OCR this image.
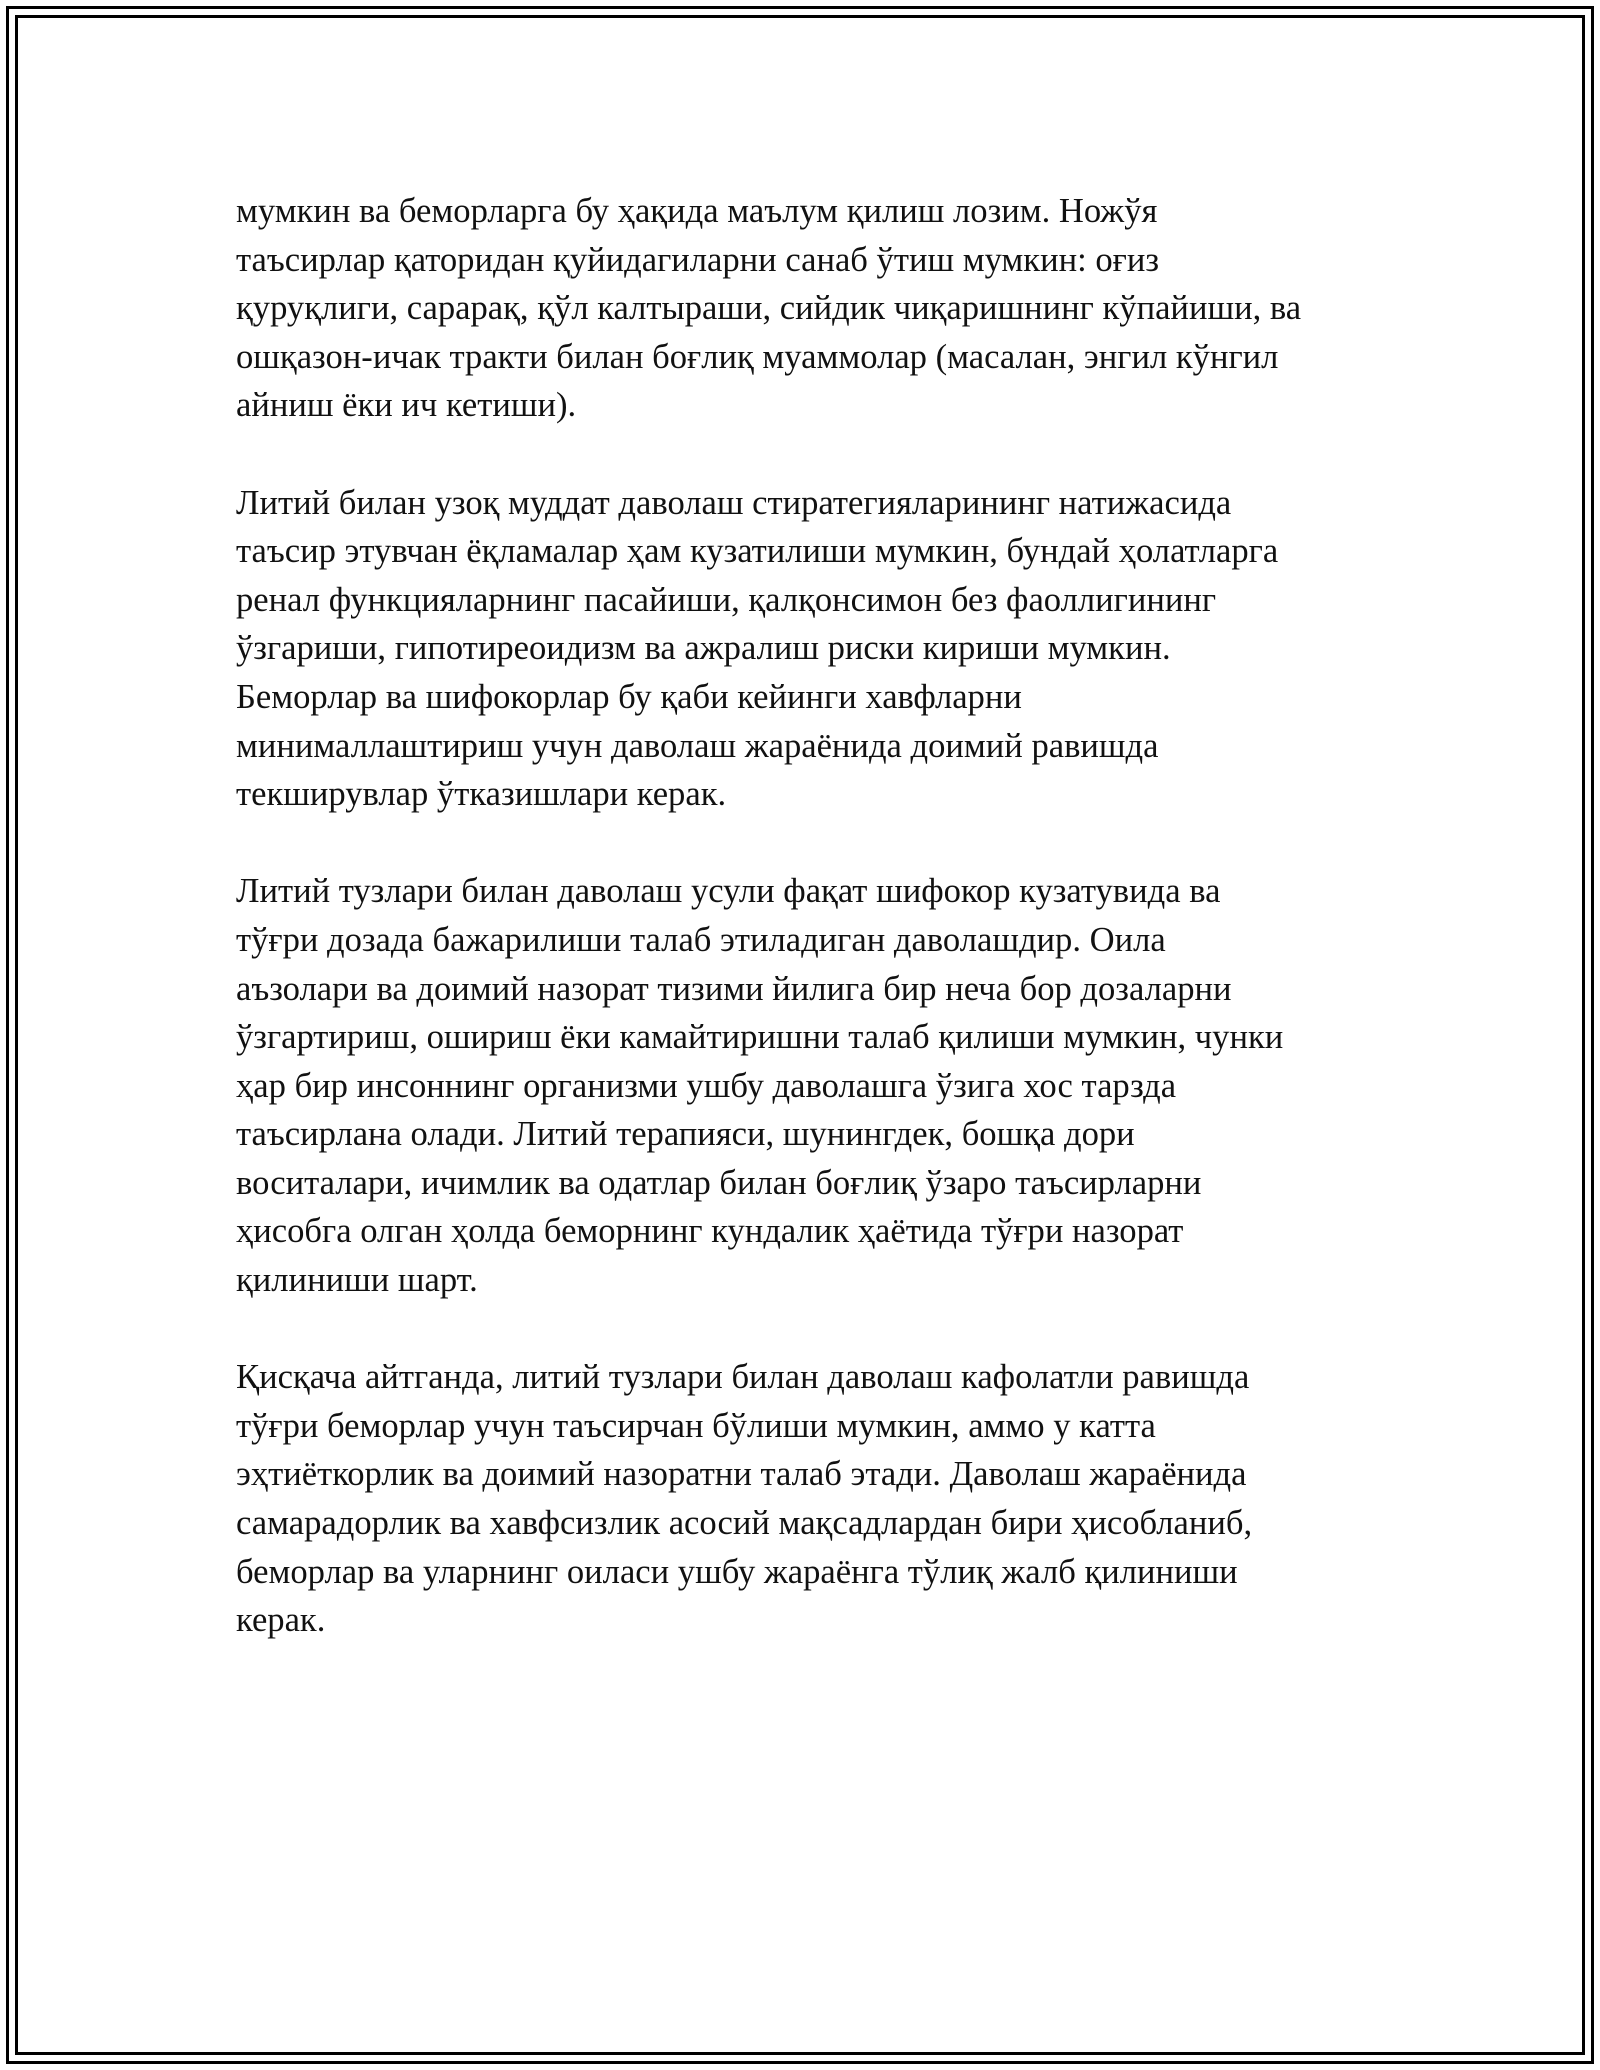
мумкин ва беморларга бу ҳақида маълум қилиш лозим. Ножўя
таъсирлар қаторидан қуйидагиларни санаб ўтиш мумкин: оғиз
қуруқлиги, сарарақ, қўл калтыраши, сийдик чиқаришнинг кўпайиши, ва
ошқазон-ичак тракти билан боғлиқ муаммолар (масалан, энгил кўнгил
айниш ёки ич кетиши).

Литий билан узоқ муддат даволаш стиратегияларининг натижасида
таъсир этувчан ёқламалар ҳам кузатилиши мумкин, бундай ҳолатларга
ренал функцияларнинг пасайиши, қалқонсимон без фаоллигининг
ўзгариши, гипотиреоидизм ва ажралиш риски кириши мумкин.
Беморлар ва шифокорлар бу қаби кейинги хавфларни
минималлаштириш учун даволаш жараёнида доимий равишда
текширувлар ўтказишлари керак.

Литий тузлари билан даволаш усули фақат шифокор кузатувида ва
тўғри дозада бажарилиши талаб этиладиган даволашдир. Оила
аъзолари ва доимий назорат тизими йилига бир неча бор дозаларни
ўзгартириш, ошириш ёки камайтиришни талаб қилиши мумкин, чунки
ҳар бир инсоннинг организми ушбу даволашга ўзига хос тарзда
таъсирлана олади. Литий терапияси, шунингдек, бошқа дори
воситалари, ичимлик ва одатлар билан боғлиқ ўзаро таъсирларни
ҳисобга олган ҳолда беморнинг кундалик ҳаётида тўғри назорат
қилиниши шарт.

Қисқача айтганда, литий тузлари билан даволаш кафолатли равишда
тўғри беморлар учун таъсирчан бўлиши мумкин, аммо у катта
эҳтиёткорлик ва доимий назоратни талаб этади. Даволаш жараёнида
самарадорлик ва хавфсизлик асосий мақсадлардан бири ҳисобланиб,
беморлар ва уларнинг оиласи ушбу жараёнга тўлиқ жалб қилиниши
керак.
